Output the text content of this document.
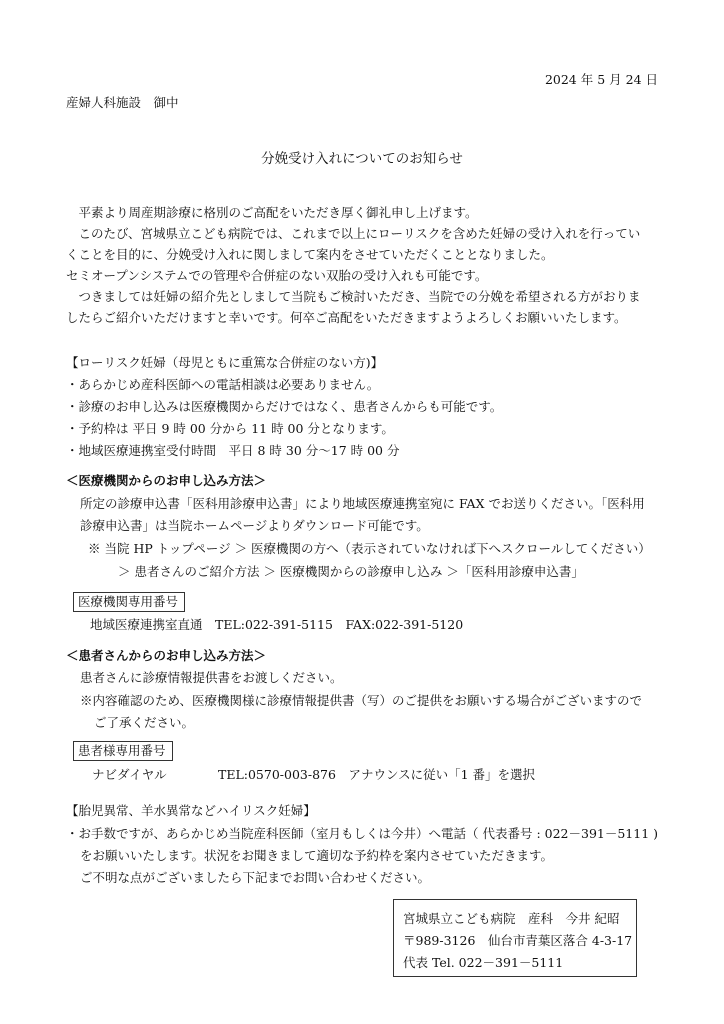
2024 年 5 月 24 日
産婦人科施設　御中
分娩受け入れについてのお知らせ
　平素より周産期診療に格別のご高配をいただき厚く御礼申し上げます。
　このたび、宮城県立こども病院では、これまで以上にローリスクを含めた妊婦の受け入れを行ってい
くことを目的に、分娩受け入れに関しまして案内をさせていただくこととなりました。
セミオープンシステムでの管理や合併症のない双胎の受け入れも可能です。
　つきましては妊婦の紹介先としまして当院もご検討いただき、当院での分娩を希望される方がおりま
したらご紹介いただけますと幸いです。何卒ご高配をいただきますようよろしくお願いいたします。
【ローリスク妊婦（母児ともに重篤な合併症のない方)】
・あらかじめ産科医師への電話相談は必要ありません。
・診療のお申し込みは医療機関からだけではなく、患者さんからも可能です。
・予約枠は 平日 9 時 00 分から 11 時 00 分となります。
・地域医療連携室受付時間　平日 8 時 30 分〜17 時 00 分
＜医療機関からのお申し込み方法＞
所定の診療申込書「医科用診療申込書」により地域医療連携室宛に FAX でお送りください。「医科用
診療申込書」は当院ホームページよりダウンロード可能です。
※ 当院 HP トップページ ＞ 医療機関の方へ（表示されていなければ下へスクロールしてください）
＞ 患者さんのご紹介方法 ＞ 医療機関からの診療申し込み ＞「医科用診療申込書」
医療機関専用番号
地域医療連携室直通　TEL:022-391-5115　FAX:022-391-5120
＜患者さんからのお申し込み方法＞
患者さんに診療情報提供書をお渡しください。
※内容確認のため、医療機関様に診療情報提供書（写）のご提供をお願いする場合がございますので
ご了承ください。
患者様専用番号
ナビダイヤル	TEL:0570-003-876　アナウンスに従い「1 番」を選択
【胎児異常、羊水異常などハイリスク妊婦】
・お手数ですが、あらかじめ当院産科医師（室月もしくは今井）へ電話（ 代表番号 : 022－391－5111 )
をお願いいたします。状況をお聞きまして適切な予約枠を案内させていただきます。
ご不明な点がございましたら下記までお問い合わせください。
宮城県立こども病院　産科　今井 紀昭
〒989-3126　仙台市青葉区落合 4-3-17
代表 Tel. 022－391－5111
